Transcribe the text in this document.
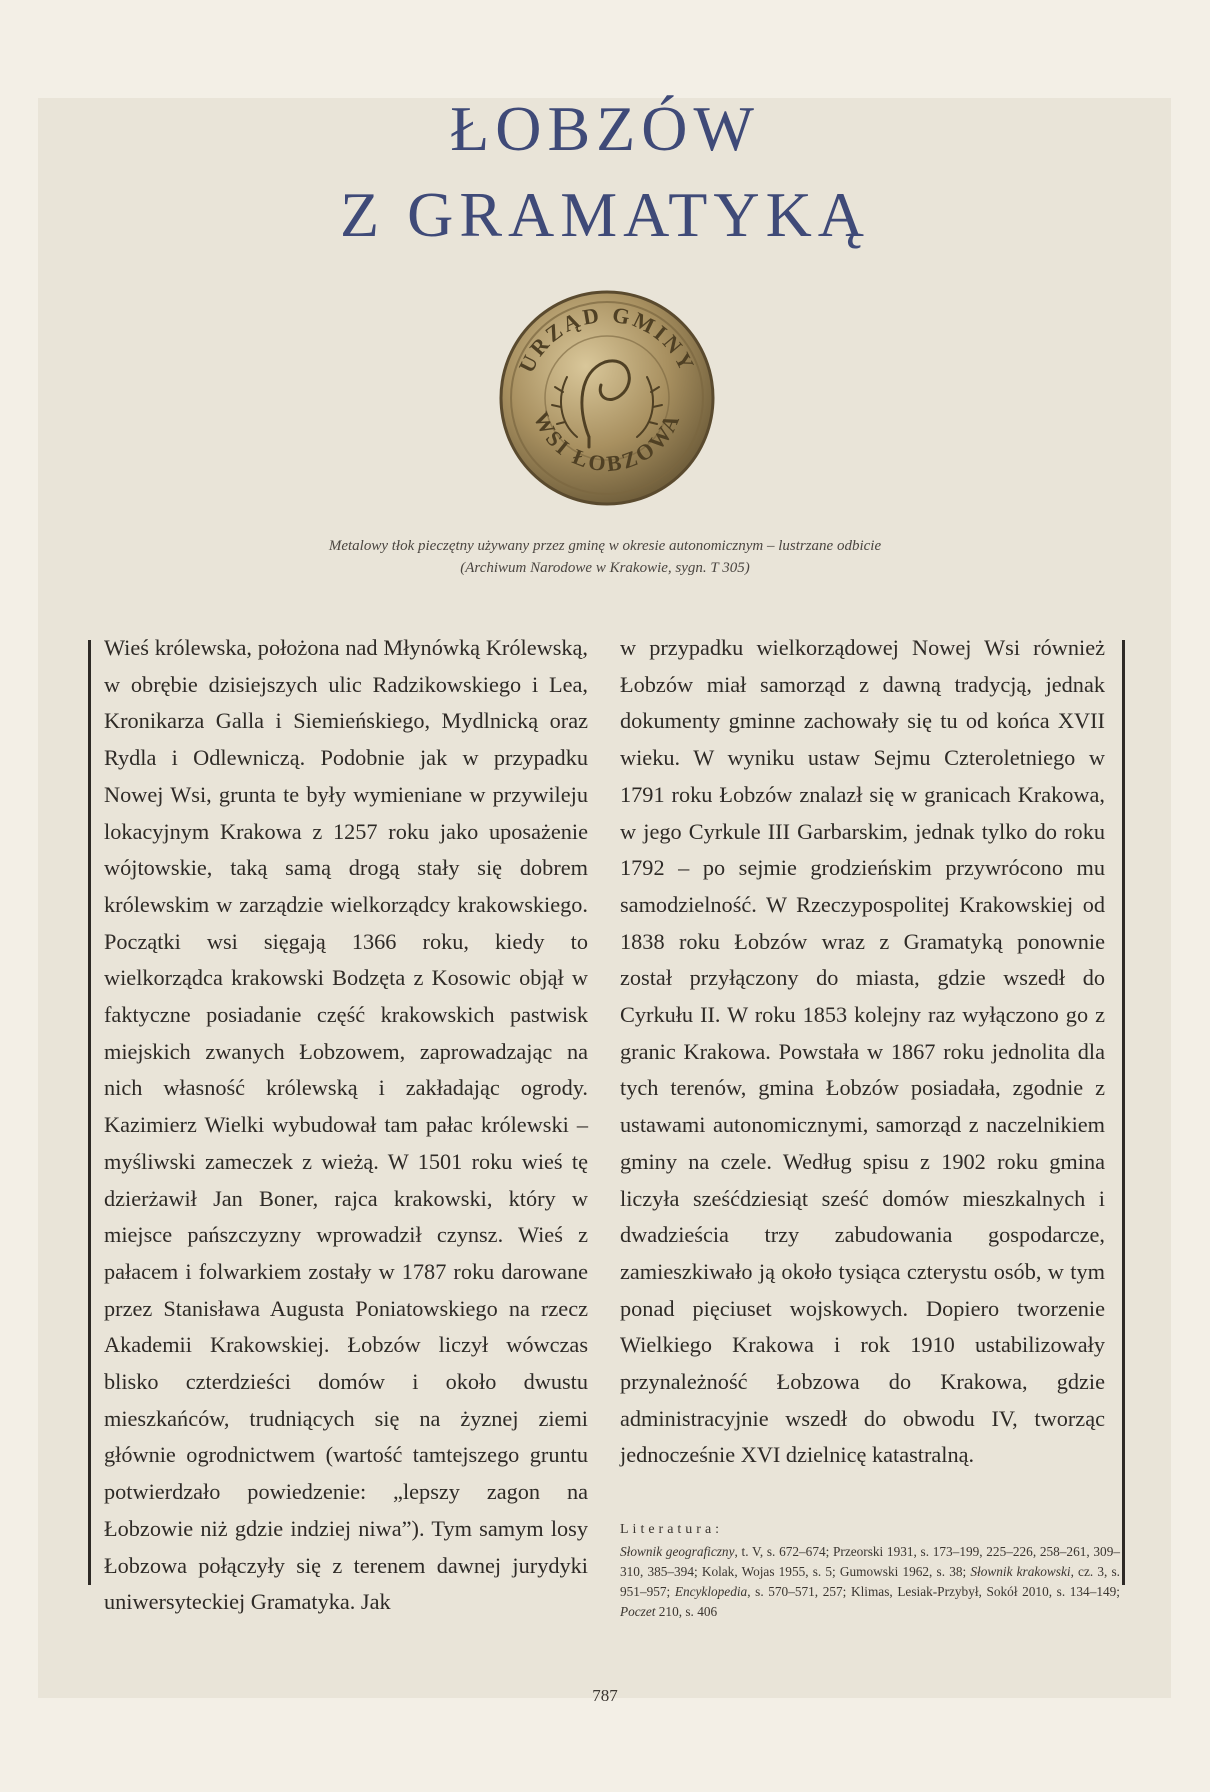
ŁOBZÓW
Z GRAMATYKĄ
URZĄD GMINY
WSI ŁOBZOWA
Metalowy tłok pieczętny używany przez gminę w okresie autonomicznym – lustrzane odbicie
(Archiwum Narodowe w Krakowie, sygn. T 305)

Wieś królewska, położona nad Młynówką Królewską, w obrębie dzisiejszych ulic Radzikowskiego i Lea, Kronikarza Galla i Siemieńskiego, Mydlnicką oraz Rydla i Odlewniczą. Podobnie jak w przypadku Nowej Wsi, grunta te były wymieniane w przywileju lokacyjnym Krakowa z 1257 roku jako uposażenie wójtowskie, taką samą drogą stały się dobrem królewskim w zarządzie wielkorządcy krakowskiego. Początki wsi sięgają 1366 roku, kiedy to wielkorządca krakowski Bodzęta z Kosowic objął w faktyczne posiadanie część krakowskich pastwisk miejskich zwanych Łobzowem, zaprowadzając na nich własność królewską i zakładając ogrody. Kazimierz Wielki wybudował tam pałac królewski – myśliwski zameczek z wieżą. W 1501 roku wieś tę dzierżawił Jan Boner, rajca krakowski, który w miejsce pańszczyzny wprowadził czynsz. Wieś z pałacem i folwarkiem zostały w 1787 roku darowane przez Stanisława Augusta Poniatowskiego na rzecz Akademii Krakowskiej. Łobzów liczył wówczas blisko czterdzieści domów i około dwustu mieszkańców, trudniących się na żyznej ziemi głównie ogrodnictwem (wartość tamtejszego gruntu potwierdzało powiedzenie: „lepszy zagon na Łobzowie niż gdzie indziej niwa”). Tym samym losy Łobzowa połączyły się z terenem dawnej jurydyki uniwersyteckiej Gramatyka. Jak

w przypadku wielkorządowej Nowej Wsi również Łobzów miał samorząd z dawną tradycją, jednak dokumenty gminne zachowały się tu od końca XVII wieku. W wyniku ustaw Sejmu Czteroletniego w 1791 roku Łobzów znalazł się w granicach Krakowa, w jego Cyrkule III Garbarskim, jednak tylko do roku 1792 – po sejmie grodzieńskim przywrócono mu samodzielność. W Rzeczypospolitej Krakowskiej od 1838 roku Łobzów wraz z Gramatyką ponownie został przyłączony do miasta, gdzie wszedł do Cyrkułu II. W roku 1853 kolejny raz wyłączono go z granic Krakowa. Powstała w 1867 roku jednolita dla tych terenów, gmina Łobzów posiadała, zgodnie z ustawami autonomicznymi, samorząd z naczelnikiem gminy na czele. Według spisu z 1902 roku gmina liczyła sześćdziesiąt sześć domów mieszkalnych i dwadzieścia trzy zabudowania gospodarcze, zamieszkiwało ją około tysiąca czterystu osób, w tym ponad pięciuset wojskowych. Dopiero tworzenie Wielkiego Krakowa i rok 1910 ustabilizowały przynależność Łobzowa do Krakowa, gdzie administracyjnie wszedł do obwodu IV, tworząc jednocześnie XVI dzielnicę katastralną.

Literatura:
Słownik geograficzny, t. V, s. 672–674; Przeorski 1931, s. 173–199, 225–226, 258–261, 309–310, 385–394; Kolak, Wojas 1955, s. 5; Gumowski 1962, s. 38; Słownik krakowski, cz. 3, s. 951–957; Encyklopedia, s. 570–571, 257; Klimas, Lesiak-Przybył, Sokół 2010, s. 134–149; Poczet 210, s. 406
787
